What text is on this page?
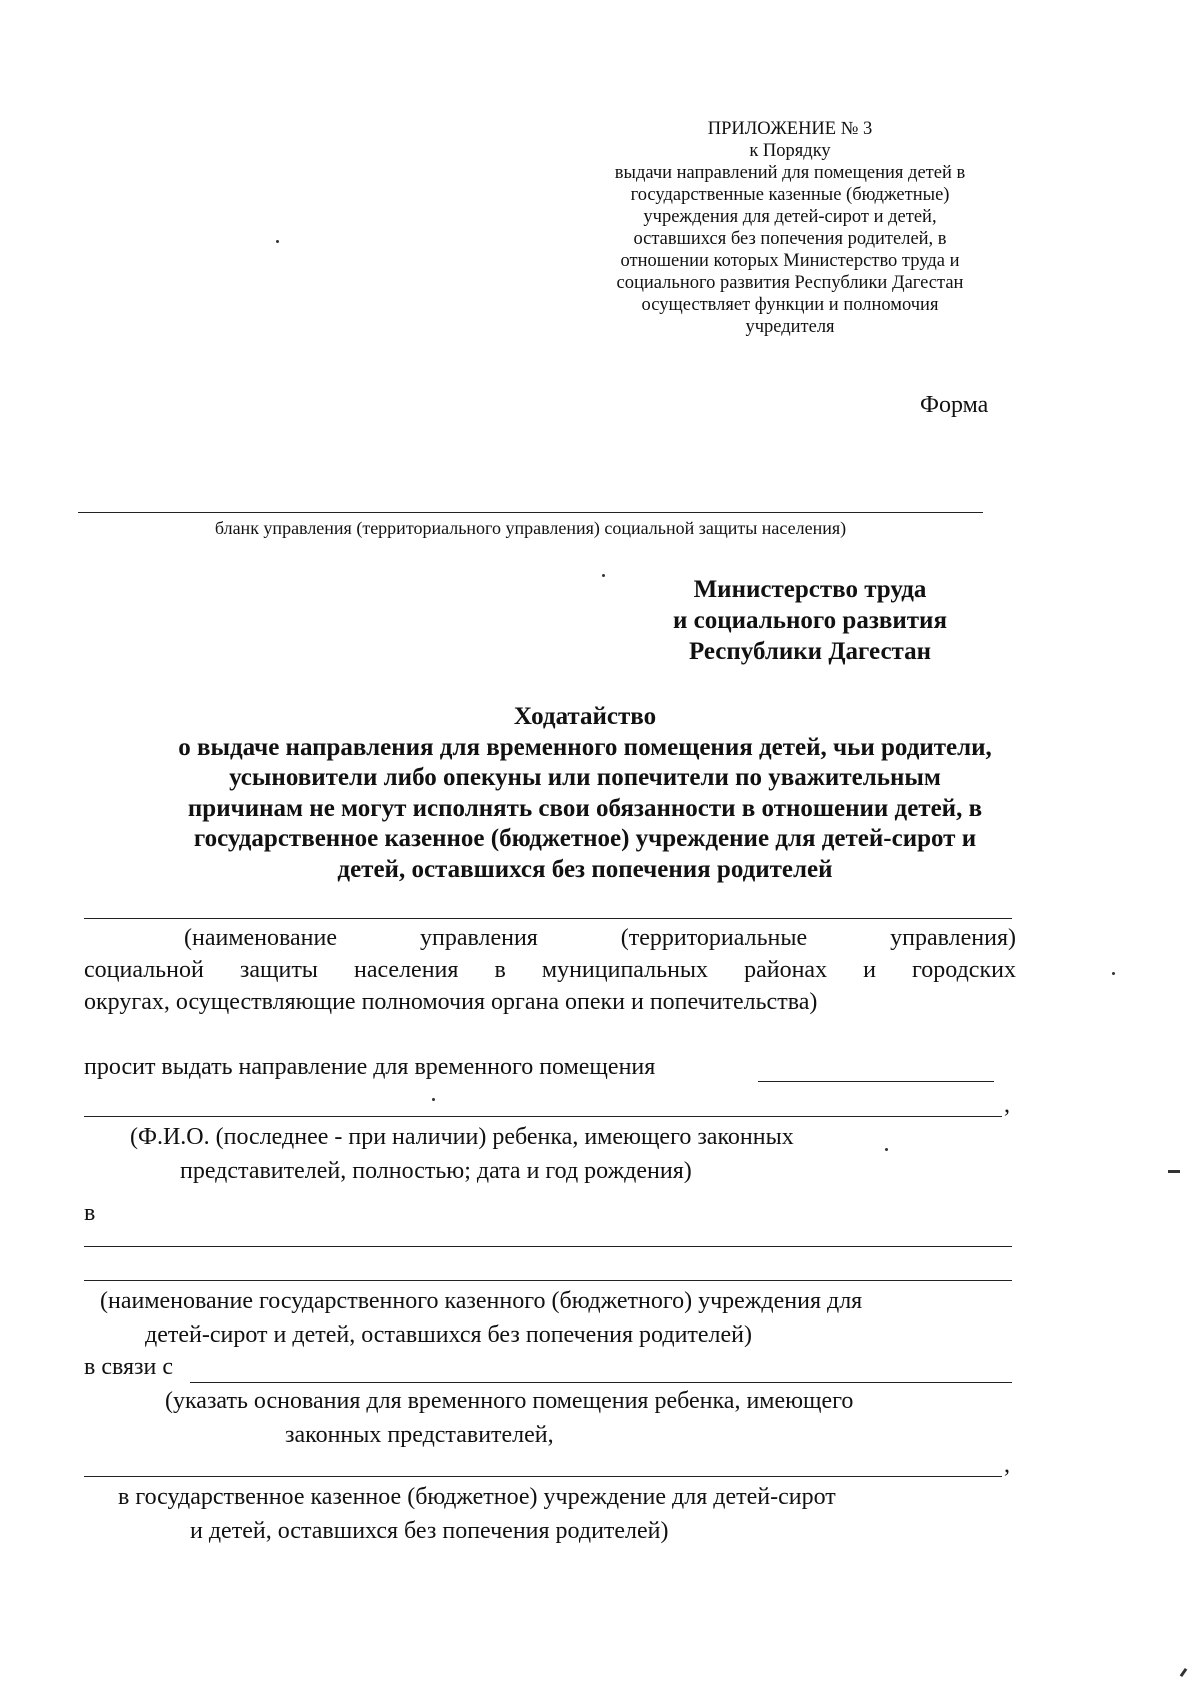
ПРИЛОЖЕНИЕ № 3
к Порядку
выдачи направлений для помещения детей в
государственные казенные (бюджетные)
учреждения для детей-сирот и детей,
оставшихся без попечения родителей, в
отношении которых Министерство труда и
социального развития Республики Дагестан
осуществляет функции и полномочия
учредителя
Форма
бланк управления (территориального управления) социальной защиты населения)
Министерство труда
и социального развития
Республики Дагестан
Ходатайство
о выдаче направления для временного помещения детей, чьи родители,
усыновители либо опекуны или попечители по уважительным
причинам не могут исполнять свои обязанности в отношении детей, в
государственное казенное (бюджетное) учреждение для детей-сирот и
детей, оставшихся без попечения родителей
(наименование	управления	(территориальные	управления)
социальной защиты населения в муниципальных районах и городских
округах, осуществляющие полномочия органа опеки и попечительства)
просит выдать направление для временного помещения
,
(Ф.И.О. (последнее - при наличии) ребенка, имеющего законных
представителей, полностью; дата и год рождения)
в
(наименование государственного казенного (бюджетного) учреждения для
детей-сирот и детей, оставшихся без попечения родителей)
в связи с
(указать основания для временного помещения ребенка, имеющего
законных представителей,
,
в государственное казенное (бюджетное) учреждение для детей-сирот
и детей, оставшихся без попечения родителей)
